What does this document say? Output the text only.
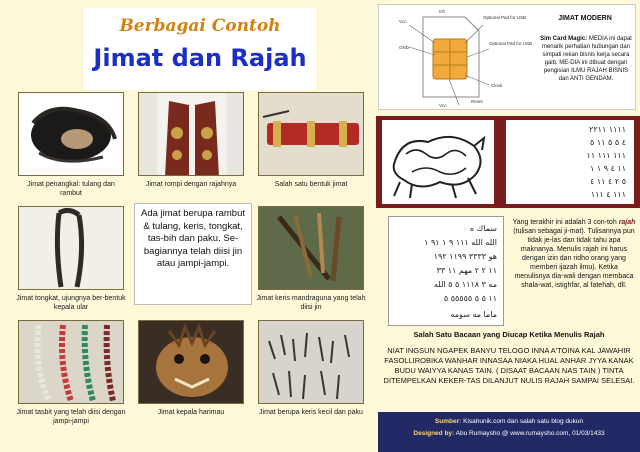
Berbagai Contoh
Jimat dan Rajah
Jimat penangkal: tulang dan rambut
Jimat rompi dengan rajahnya	Salah satu bentuk jimat
Jimat tongkat, ujungnya ber-bentuk kepala ular
Ada jimat berupa rambut & tulang, keris, tongkat, tas-bih dan paku. Se-bagiannya telah diisi jin atau jampi-jampi.
Jimat keris mandraguna yang telah diisi jin
Jimat tasbit yang telah diisi dengan jampi-jampi
Jimat kepala harimau	Jimat berupa keris kecil dan paku
Vcc
I/O
GND
Optional Pad for USB
Optional Pad for USB
Clock
Reset
Vcc
JIMAT MODERN
Sim Card Magic: MEDIA ini dapat menarik perhatian hubungan dan simpati rekan bisnis kerja secara gaib. ME-DIA ini dibuat dengan pengisian ILMU RAJAH BISNIS dan ANTI GENDAM.
١١١١ ٢٢١١
٤ ٥ ٥ ١١ ٥
١١١ ١١١ ١١
١١ ٤ ٩ ١ ١
٥ ٢ ٤ ١١ ٤
١١١ ٤ ١١١
سماك ه
الله الله ١١١ ٩ ١ ٩١ ١
هو ٣٣٣٣ ١١٩٩ ١٩٢
١١ ٢ ٢ مهم ١١ ٣٣
مه ٣ ١١١٨ ٥ ٥ الله
١١ ٥ ٥ ٥٥٥٥٥ ٥
ماما مه سومه
Yang terakhir ini adalah 3 con-toh rajah (tulisan sebagai ji-mat). Tulisannya pun tidak je-las dan tidak tahu apa maknanya. Menulis rajah ini harus dengan izin dan ridho orang yang memberi ijazah ilmu). Ketika menulisnya dia-wali dengan membaca shala-wat, istighfar, al fatehah, dll.
Salah Satu Bacaan yang Diucap Ketika Menulis Rajah
NIAT INGSUN NGAPEK BANYU TELOGO INNA A'TOINA KAL JAWAHIR FASOLLIROBIKA WANHAR INNASAA NIAKA HUAL ANHAR JYYA KANAK BUDU WAIYYA KANAS TAIN. ( DISAAT BACAAN NAS TAIN ) TINTA DITEMPELKAN KEKER-TAS DILANJUT NULIS RAJAH SAMPAI SELESAI.
Sumber: Kisahunik.com dan salah satu blog dukun
Designed by: Abu Rumaysho @ www.rumaysho.com, 01/03/1433
